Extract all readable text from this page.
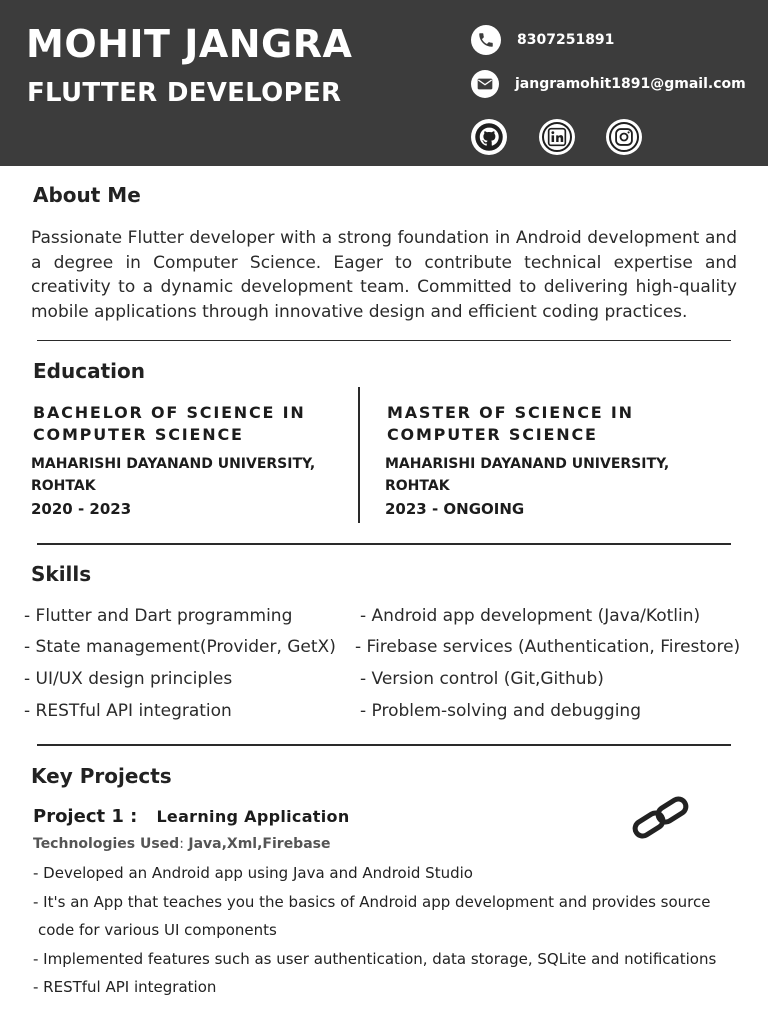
MOHIT JANGRA
FLUTTER DEVELOPER
8307251891
jangramohit1891@gmail.com
About Me
Passionate Flutter developer with a strong foundation in Android development and a degree in Computer Science. Eager to contribute technical expertise and creativity to a dynamic development team. Committed to delivering high-quality mobile applications through innovative design and efficient coding practices.
Education
BACHELOR OF SCIENCE IN
COMPUTER SCIENCE
MAHARISHI DAYANAND UNIVERSITY,
ROHTAK
2020 - 2023
MASTER OF SCIENCE IN
COMPUTER SCIENCE
MAHARISHI DAYANAND UNIVERSITY,
ROHTAK
2023 - ONGOING
Skills
- Flutter and Dart programming
- State management(Provider, GetX)
- UI/UX design principles
- RESTful API integration
- Android app development (Java/Kotlin)
- Firebase services (Authentication, Firestore)
- Version control (Git,Github)
- Problem-solving and debugging
Key Projects
Project 1 : Learning Application
Technologies Used: Java,Xml,Firebase
- Developed an Android app using Java and Android Studio
- It's an App that teaches you the basics of Android app development and provides source
code for various UI components
- Implemented features such as user authentication, data storage, SQLite and notifications
- RESTful API integration
